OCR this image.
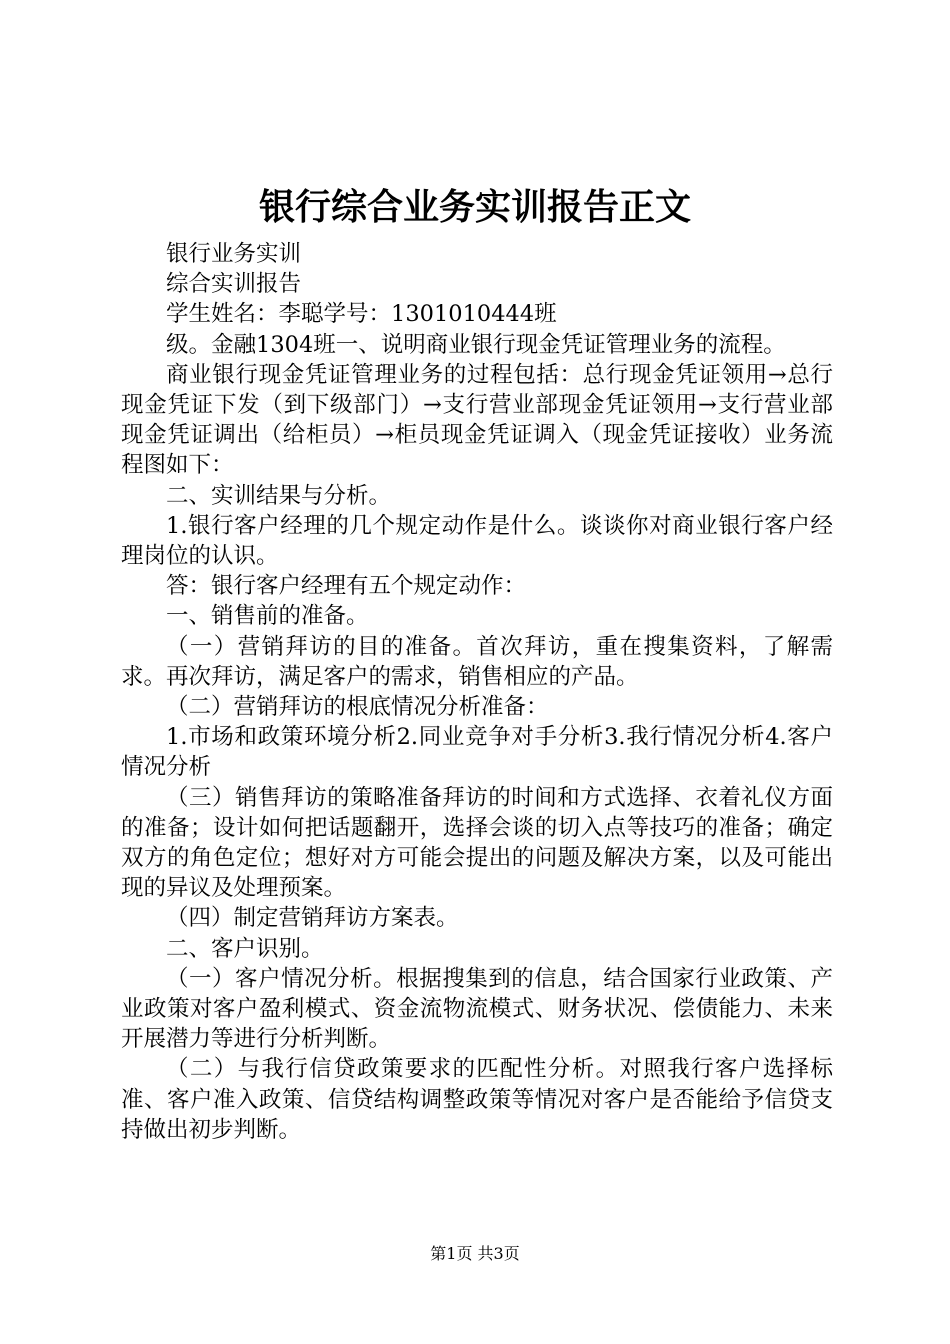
银行综合业务实训报告正文

银行业务实训

综合实训报告

学生姓名：李聪学号：1301010444班

级。金融1304班一、说明商业银行现金凭证管理业务的流程。

商业银行现金凭证管理业务的过程包括：总行现金凭证领用→总行现金凭证下发（到下级部门）→支行营业部现金凭证领用→支行营业部现金凭证调出（给柜员）→柜员现金凭证调入（现金凭证接收）业务流程图如下：

二、实训结果与分析。

1.银行客户经理的几个规定动作是什么。谈谈你对商业银行客户经理岗位的认识。

答：银行客户经理有五个规定动作：

一、销售前的准备。

（一）营销拜访的目的准备。首次拜访，重在搜集资料，了解需求。再次拜访，满足客户的需求，销售相应的产品。

（二）营销拜访的根底情况分析准备：

1.市场和政策环境分析2.同业竞争对手分析3.我行情况分析4.客户情况分析

（三）销售拜访的策略准备拜访的时间和方式选择、衣着礼仪方面的准备；设计如何把话题翻开，选择会谈的切入点等技巧的准备；确定双方的角色定位；想好对方可能会提出的问题及解决方案，以及可能出现的异议及处理预案。

（四）制定营销拜访方案表。

二、客户识别。

（一）客户情况分析。根据搜集到的信息，结合国家行业政策、产业政策对客户盈利模式、资金流物流模式、财务状况、偿债能力、未来开展潜力等进行分析判断。

（二）与我行信贷政策要求的匹配性分析。对照我行客户选择标准、客户准入政策、信贷结构调整政策等情况对客户是否能给予信贷支持做出初步判断。

第1页 共3页
